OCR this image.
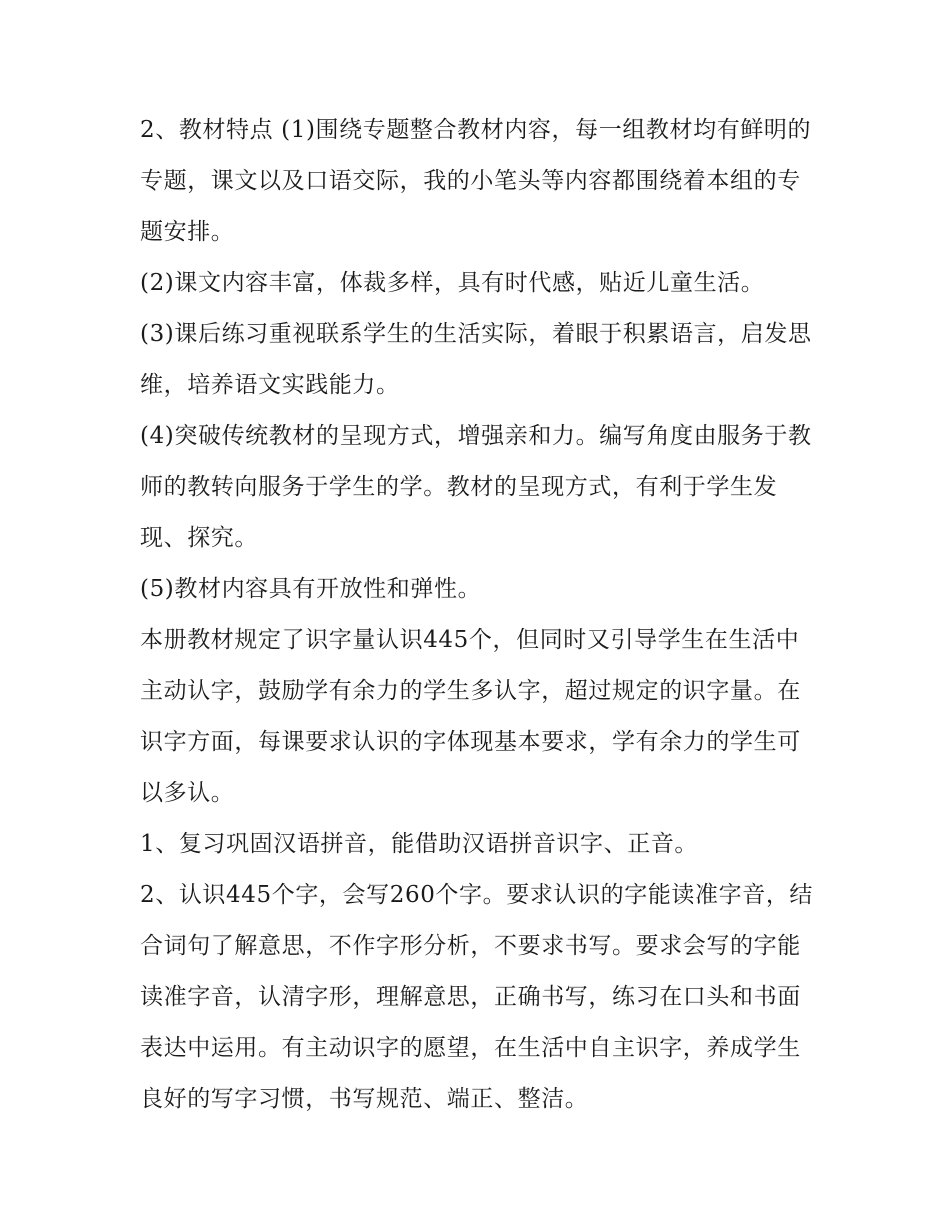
2、教材特点 (1)围绕专题整合教材内容，每一组教材均有鲜明的专题，课文以及口语交际，我的小笔头等内容都围绕着本组的专题安排。

(2)课文内容丰富，体裁多样，具有时代感，贴近儿童生活。

(3)课后练习重视联系学生的生活实际，着眼于积累语言，启发思维，培养语文实践能力。

(4)突破传统教材的呈现方式，增强亲和力。编写角度由服务于教师的教转向服务于学生的学。教材的呈现方式，有利于学生发现、探究。

(5)教材内容具有开放性和弹性。

本册教材规定了识字量认识445个，但同时又引导学生在生活中主动认字，鼓励学有余力的学生多认字，超过规定的识字量。在识字方面，每课要求认识的字体现基本要求，学有余力的学生可以多认。

1、复习巩固汉语拼音，能借助汉语拼音识字、正音。

2、认识445个字，会写260个字。要求认识的字能读准字音，结合词句了解意思，不作字形分析，不要求书写。要求会写的字能读准字音，认清字形，理解意思，正确书写，练习在口头和书面表达中运用。有主动识字的愿望，在生活中自主识字，养成学生良好的写字习惯，书写规范、端正、整洁。
